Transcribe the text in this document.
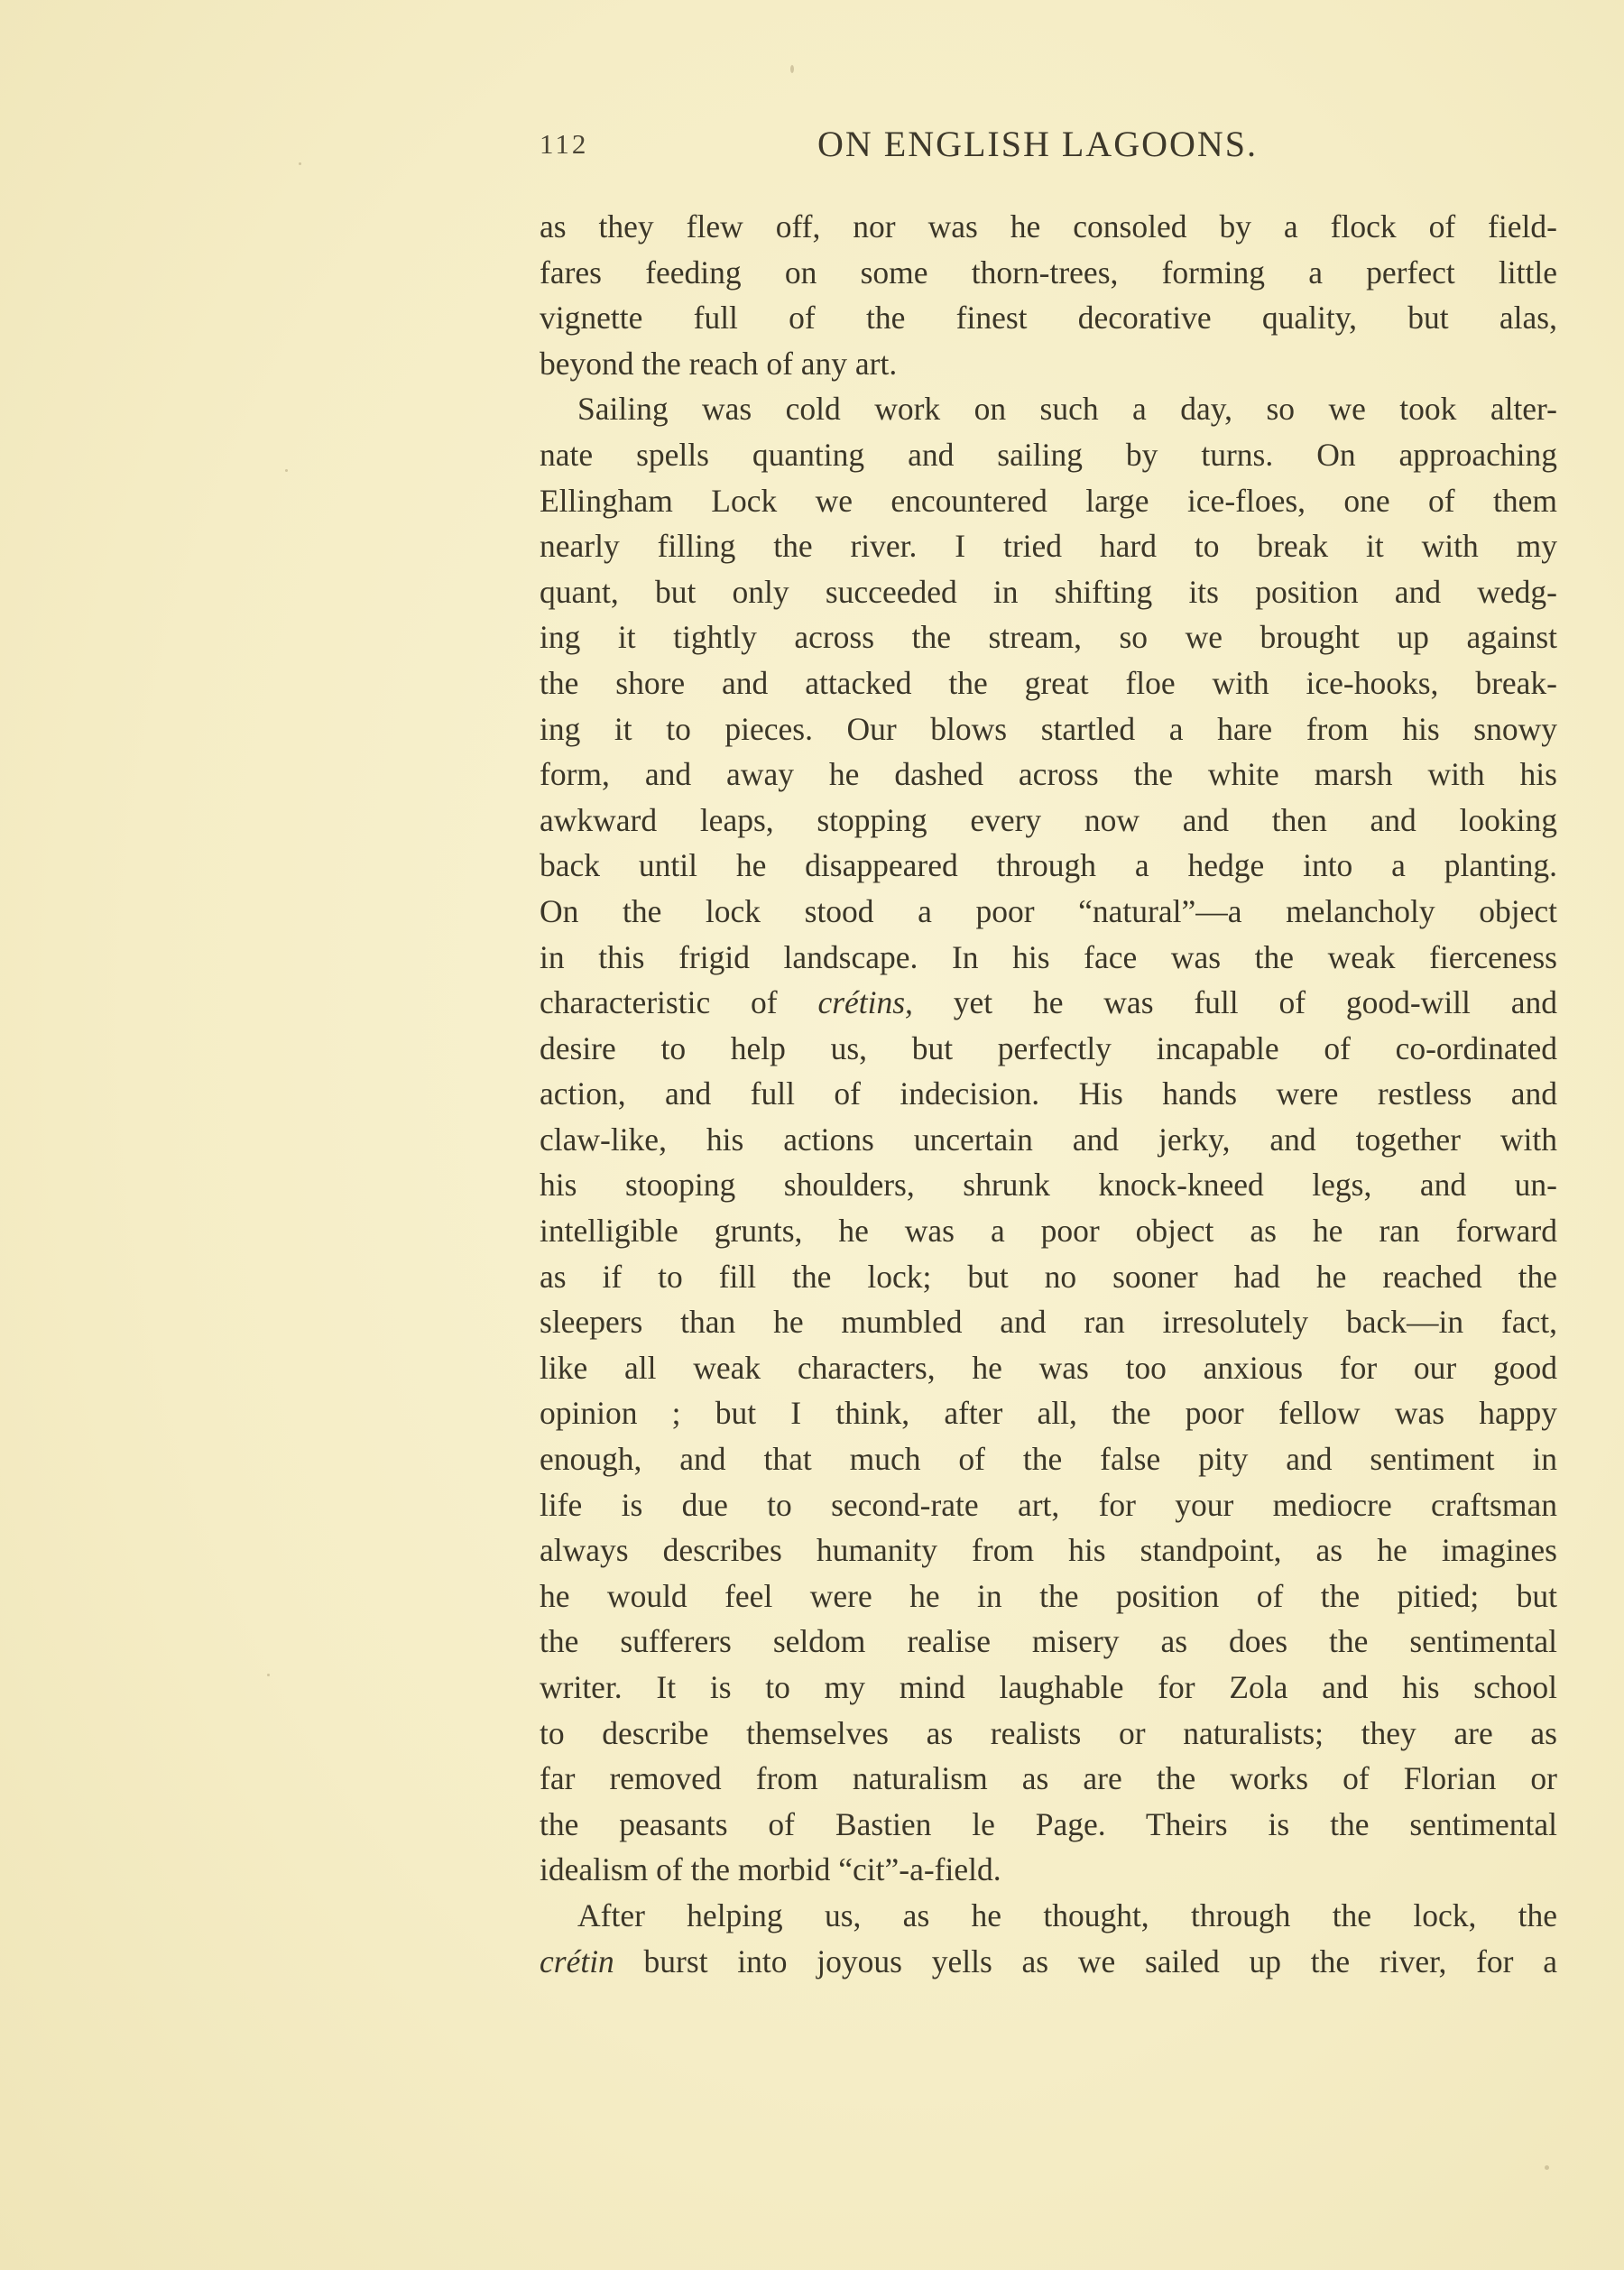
112	ON ENGLISH LAGOONS.
as they flew off, nor was he consoled by a flock of field-
fares feeding on some thorn-trees, forming a perfect little
vignette full of the finest decorative quality, but alas,
beyond the reach of any art.
Sailing was cold work on such a day, so we took alter-
nate spells quanting and sailing by turns. On approaching
Ellingham Lock we encountered large ice-floes, one of them
nearly filling the river. I tried hard to break it with my
quant, but only succeeded in shifting its position and wedg-
ing it tightly across the stream, so we brought up against
the shore and attacked the great floe with ice-hooks, break-
ing it to pieces. Our blows startled a hare from his snowy
form, and away he dashed across the white marsh with his
awkward leaps, stopping every now and then and looking
back until he disappeared through a hedge into a planting.
On the lock stood a poor “natural”—a melancholy object
in this frigid landscape. In his face was the weak fierceness
characteristic of crétins, yet he was full of good-will and
desire to help us, but perfectly incapable of co-ordinated
action, and full of indecision. His hands were restless and
claw-like, his actions uncertain and jerky, and together with
his stooping shoulders, shrunk knock-kneed legs, and un-
intelligible grunts, he was a poor object as he ran forward
as if to fill the lock; but no sooner had he reached the
sleepers than he mumbled and ran irresolutely back—in fact,
like all weak characters, he was too anxious for our good
opinion ; but I think, after all, the poor fellow was happy
enough, and that much of the false pity and sentiment in
life is due to second-rate art, for your mediocre craftsman
always describes humanity from his standpoint, as he imagines
he would feel were he in the position of the pitied; but
the sufferers seldom realise misery as does the sentimental
writer. It is to my mind laughable for Zola and his school
to describe themselves as realists or naturalists; they are as
far removed from naturalism as are the works of Florian or
the peasants of Bastien le Page. Theirs is the sentimental
idealism of the morbid “cit”-a-field.
After helping us, as he thought, through the lock, the
crétin burst into joyous yells as we sailed up the river, for a
